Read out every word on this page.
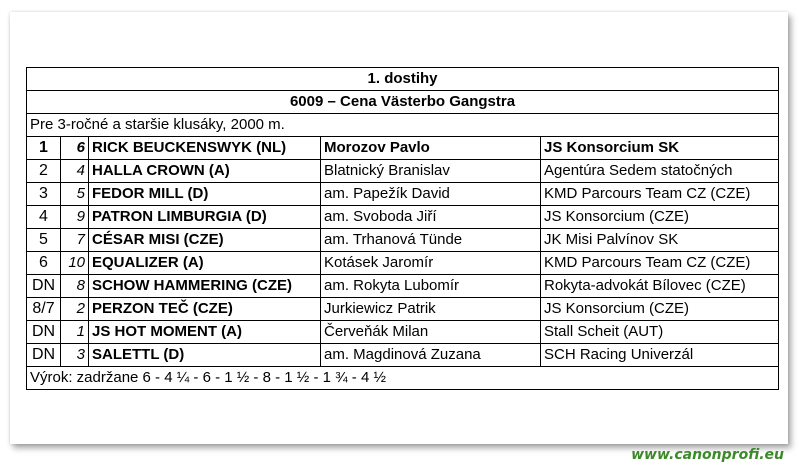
1. dostihy				
6009 – Cena Västerbo Gangstra				
Pre 3-ročné a staršie klusáky, 2000 m.				
1	6	RICK BEUCKENSWYK (NL)	Morozov Pavlo	JS Konsorcium SK
2	4	HALLA CROWN (A)	Blatnický Branislav	Agentúra Sedem statočných
3	5	FEDOR MILL (D)	am. Papežík David	KMD Parcours Team CZ (CZE)
4	9	PATRON LIMBURGIA (D)	am. Svoboda Jiří	JS Konsorcium (CZE)
5	7	CÉSAR MISI (CZE)	am. Trhanová Tünde	JK Misi Palvínov SK
6	10	EQUALIZER (A)	Kotásek Jaromír	KMD Parcours Team CZ (CZE)
DN	8	SCHOW HAMMERING (CZE)	am. Rokyta Lubomír	Rokyta-advokát Bílovec (CZE)
8/7	2	PERZON TEČ (CZE)	Jurkiewicz Patrik	JS Konsorcium (CZE)
DN	1	JS HOT MOMENT (A)	Červeňák Milan	Stall Scheit (AUT)
DN	3	SALETTL (D)	am. Magdinová Zuzana	SCH Racing Univerzál
Výrok: zadržane 6 - 4 ¼ - 6 - 1 ½ - 8 - 1 ½ - 1 ¾ - 4 ½				
www.canonprofi.eu
